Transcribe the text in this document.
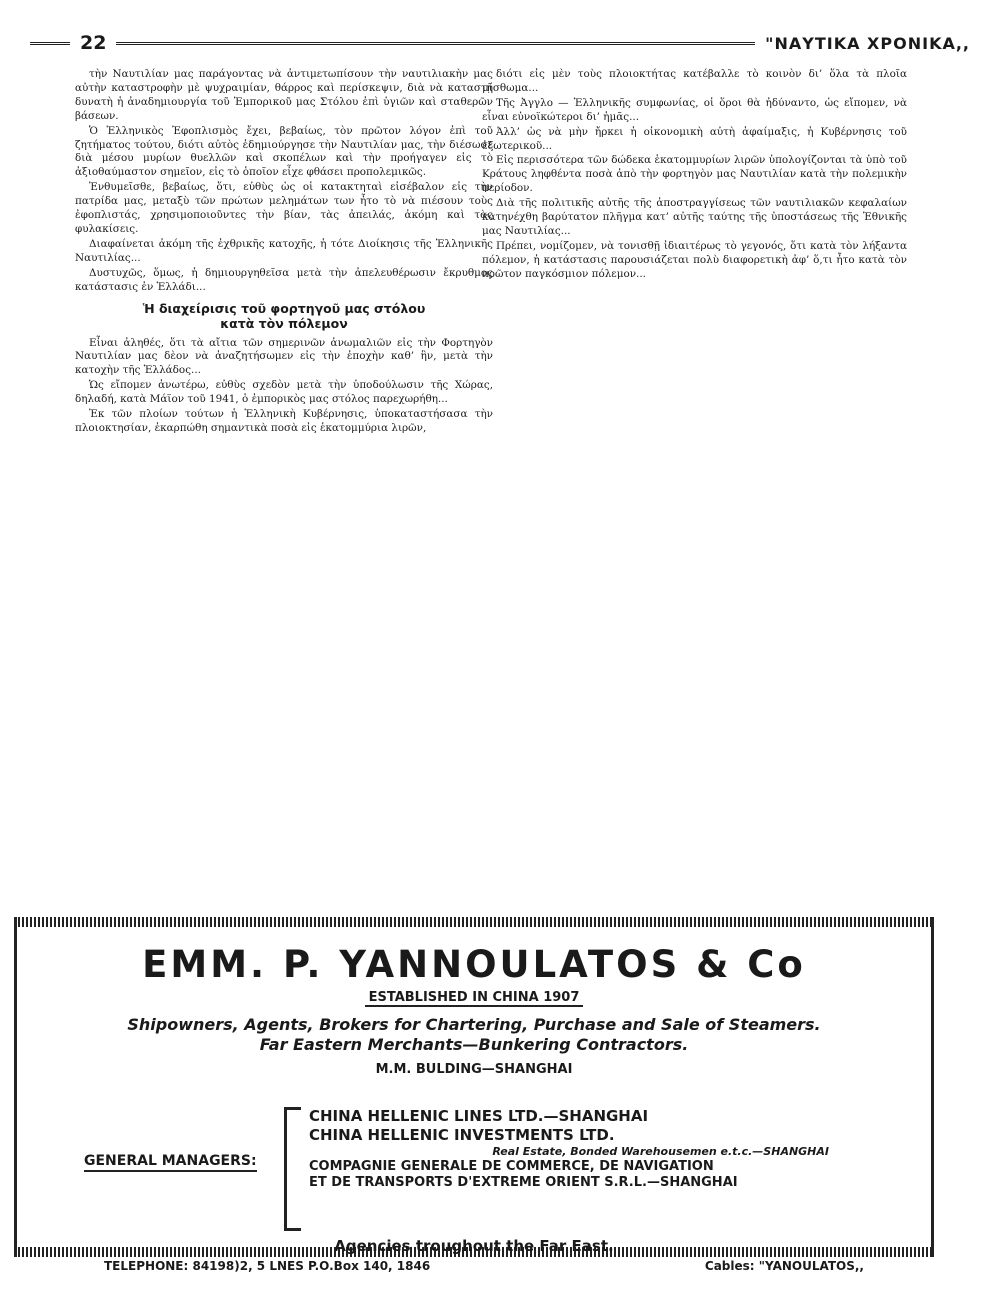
22	"ΝΑΥΤΙΚΑ ΧΡΟΝΙΚΑ,,

τὴν Ναυτιλίαν μας παράγοντας νὰ ἀντιμετωπίσουν τὴν ναυτιλιακὴν μας αὐτὴν καταστροφὴν μὲ ψυχραιμίαν, θάρρος καὶ περίσκεψιν, διὰ νὰ καταστῇ δυνατὴ ἡ ἀναδημιουργία τοῦ Ἐμπορικοῦ μας Στόλου ἐπὶ ὑγιῶν καὶ σταθερῶν βάσεων.

Ὁ Ἑλληνικὸς Ἐφοπλισμὸς ἔχει, βεβαίως, τὸν πρῶτον λόγον ἐπὶ τοῦ ζητήματος τούτου, διότι αὐτὸς ἐδημιούργησε τὴν Ναυτιλίαν μας, τὴν διέσωσε διὰ μέσου μυρίων θυελλῶν καὶ σκοπέλων καὶ τὴν προήγαγεν εἰς τὸ ἀξιοθαύμαστον σημεῖον, εἰς τὸ ὁποῖον εἶχε φθάσει προπολεμικῶς.

Ἐνθυμεῖσθε, βεβαίως, ὅτι, εὐθὺς ὡς οἱ κατακτηταὶ εἰσέβαλον εἰς τὴν πατρίδα μας, μεταξὺ τῶν πρώτων μελημάτων των ἦτο τὸ νὰ πιέσουν τοὺς ἐφοπλιστάς, χρησιμοποιοῦντες τὴν βίαν, τὰς ἀπειλάς, ἀκόμη καὶ τὰς φυλακίσεις.

Διαφαίνεται ἀκόμη τῆς ἐχθρικῆς κατοχῆς, ἡ τότε Διοίκησις τῆς Ἑλληνικῆς Ναυτιλίας...

Δυστυχῶς, ὅμως, ἡ δημιουργηθεῖσα μετὰ τὴν ἀπελευθέρωσιν ἔκρυθμος κατάστασις ἐν Ἑλλάδι...

Ἡ διαχείρισις τοῦ φορτηγοῦ μας στόλου
κατὰ τὸν πόλεμον

Εἶναι ἀληθές, ὅτι τὰ αἴτια τῶν σημερινῶν ἀνωμαλιῶν εἰς τὴν Φορτηγὸν Ναυτιλίαν μας δὲον νὰ ἀναζητήσωμεν εἰς τὴν ἐποχὴν καθ’ ἣν, μετὰ τὴν κατοχὴν τῆς Ἑλλάδος...

Ὡς εἴπομεν ἀνωτέρω, εὐθὺς σχεδὸν μετὰ τὴν ὑποδούλωσιν τῆς Χώρας, δηλαδή, κατὰ Μάϊον τοῦ 1941, ὁ ἐμπορικὸς μας στόλος παρεχωρήθη...

Ἐκ τῶν πλοίων τούτων ἡ Ἑλληνικὴ Κυβέρνησις, ὑποκαταστήσασα τὴν πλοιοκτησίαν, ἐκαρπώθη σημαντικὰ ποσὰ εἰς ἑκατομμύρια λιρῶν,

διότι εἰς μὲν τοὺς πλοιοκτήτας κατέβαλλε τὸ κοινὸν δι’ ὅλα τὰ πλοῖα μίσθωμα...

Τῆς Ἀγγλο — Ἑλληνικῆς συμφωνίας, οἱ ὅροι θὰ ἠδύναντο, ὡς εἴπομεν, νὰ εἶναι εὐνοϊκώτεροι δι’ ἡμᾶς...

Ἀλλ’ ὡς νὰ μὴν ἤρκει ἡ οἰκονομικὴ αὐτὴ ἀφαίμαξις, ἡ Κυβέρνησις τοῦ ἐξωτερικοῦ...

Εἰς περισσότερα τῶν δώδεκα ἑκατομμυρίων λιρῶν ὑπολογίζονται τὰ ὑπὸ τοῦ Κράτους ληφθέντα ποσὰ ἀπὸ τὴν φορτηγὸν μας Ναυτιλίαν κατὰ τὴν πολεμικὴν περίοδον.

Διὰ τῆς πολιτικῆς αὐτῆς τῆς ἀποστραγγίσεως τῶν ναυτιλιακῶν κεφαλαίων κατηνέχθη βαρύτατον πλῆγμα κατ’ αὐτῆς ταύτης τῆς ὑποστάσεως τῆς Ἐθνικῆς μας Ναυτιλίας...

Πρέπει, νομίζομεν, νὰ τονισθῇ ἰδιαιτέρως τὸ γεγονός, ὅτι κατὰ τὸν λήξαντα πόλεμον, ἡ κατάστασις παρουσιάζεται πολὺ διαφορετικὴ ἀφ’ ὅ,τι ἦτο κατὰ τὸν πρῶτον παγκόσμιον πόλεμον...

EMM. P. YANNOULATOS & Co
ESTABLISHED IN CHINA 1907
Shipowners, Agents, Brokers for Chartering, Purchase and Sale of Steamers.
Far Eastern Merchants—Bunkering Contractors.
M.M. BULDING—SHANGHAI
GENERAL MANAGERS:
CHINA HELLENIC LINES LTD.—SHANGHAI
CHINA HELLENIC INVESTMENTS LTD.
Real Estate, Bonded Warehousemen e.t.c.—SHANGHAI
COMPAGNIE GENERALE DE COMMERCE, DE NAVIGATION
ET DE TRANSPORTS D'EXTREME ORIENT S.R.L.—SHANGHAI
Agencies troughout the Far East.
TELEPHONE: 84198)2, 5 LNES P.O.Box 140, 1846	Cables: "YANOULATOS,,
